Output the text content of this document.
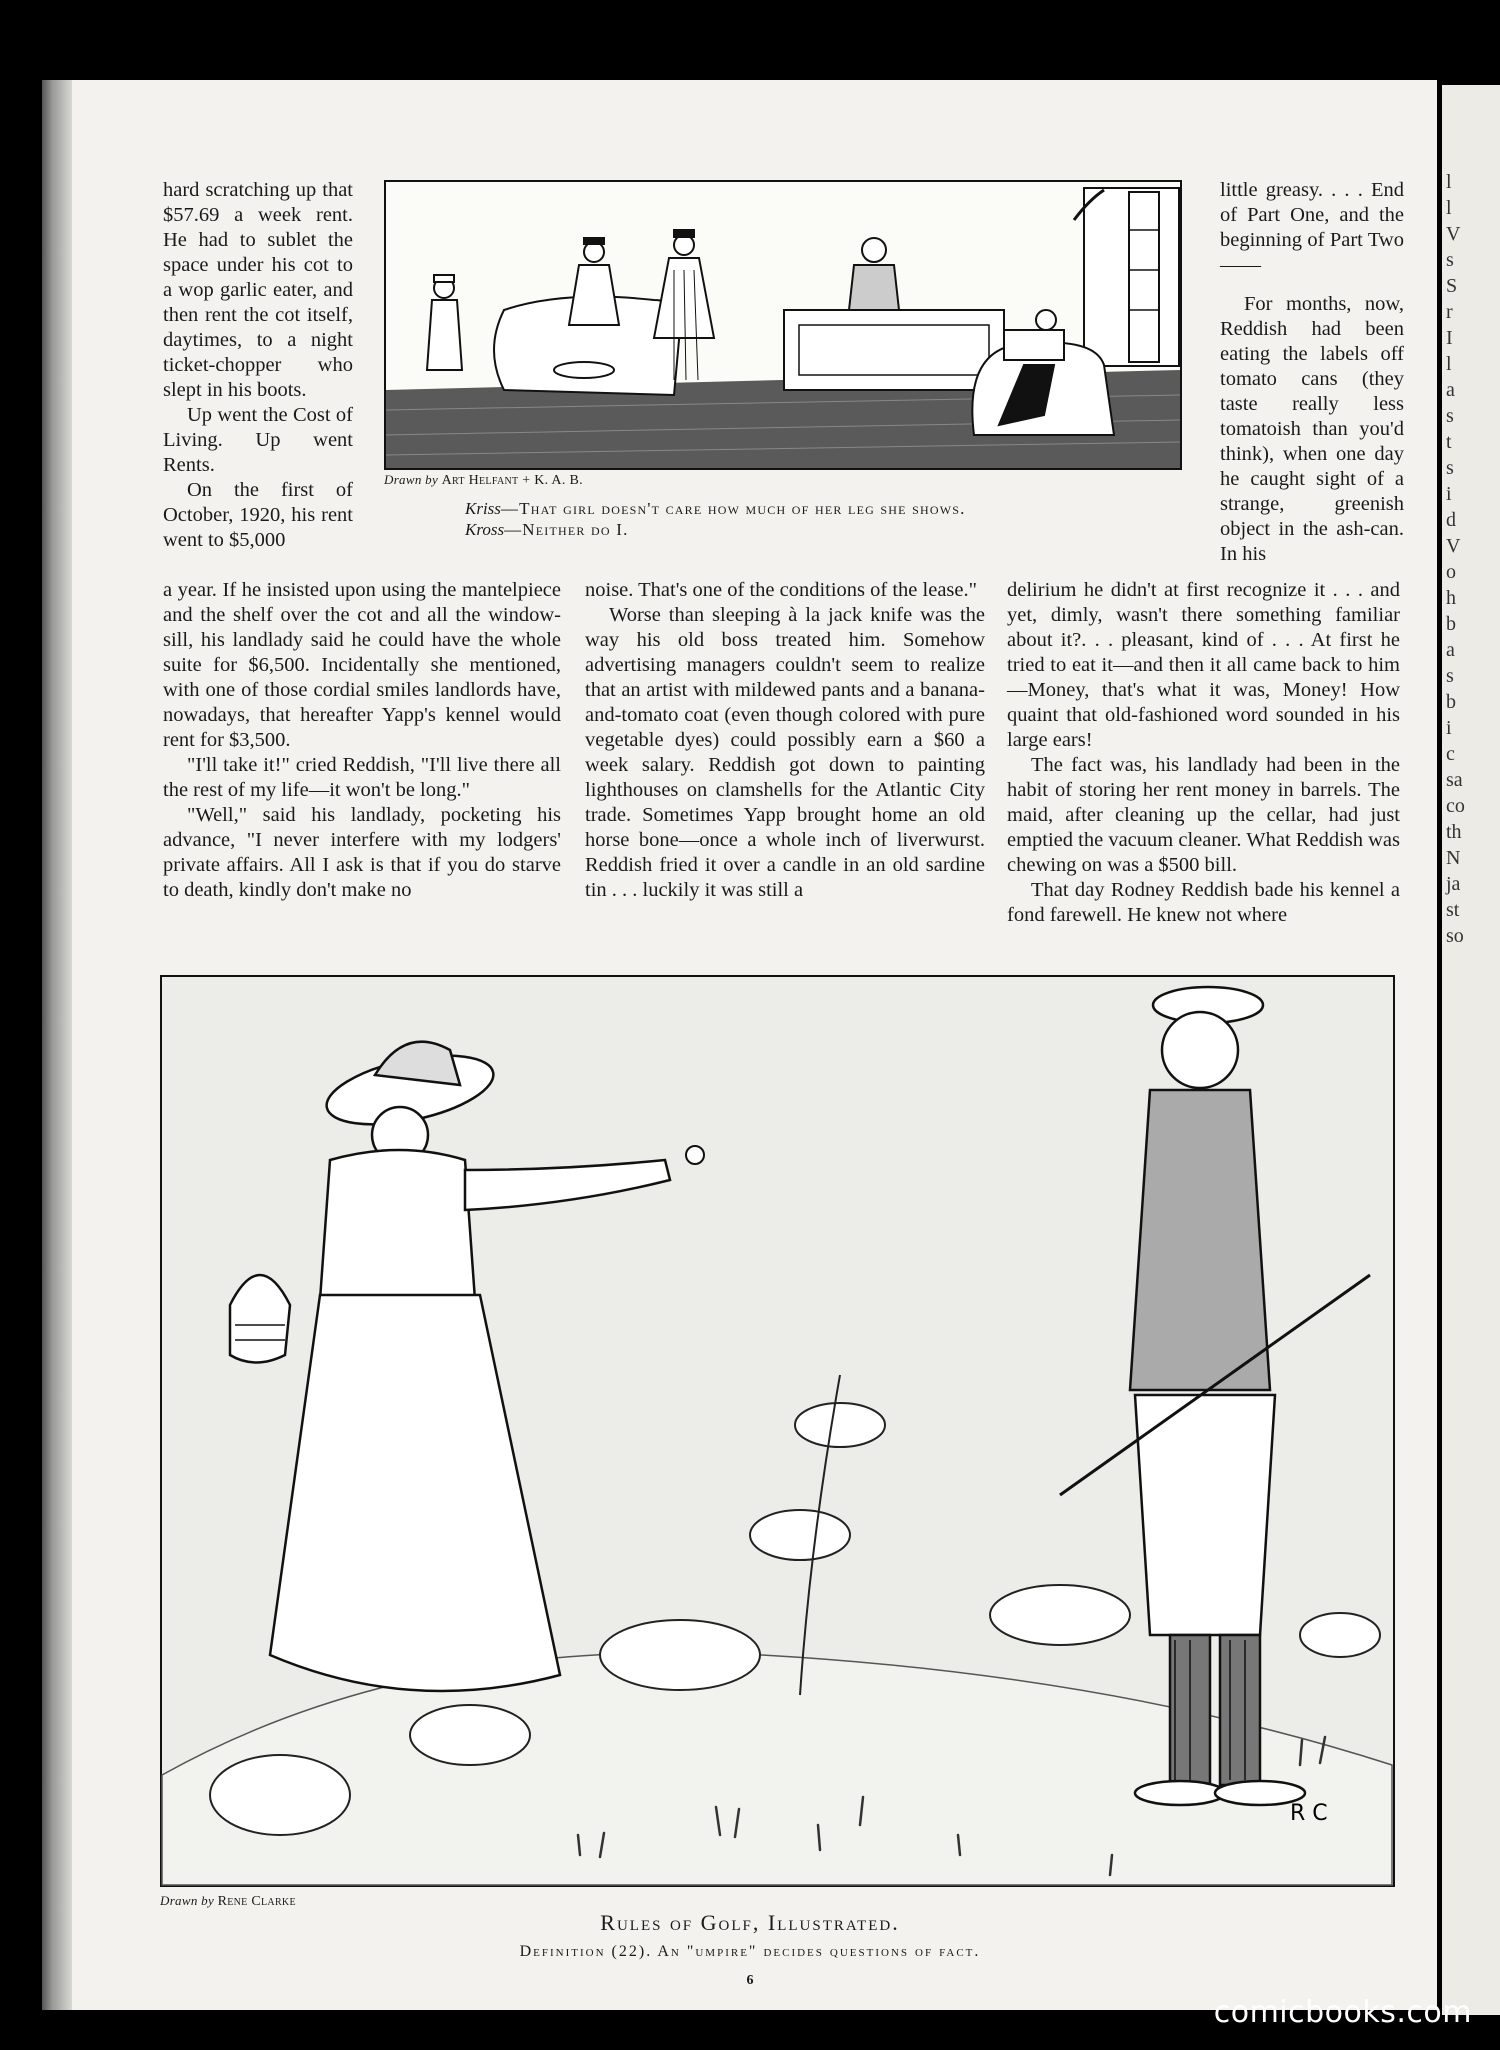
l
l
V
s
S
r
I
l
a
s
t
s
i
d
V
o
h
b
a
s
b
i
c
sa
co
th
N
ja
st
so

hard scratching up that $57.69 a week rent. He had to sublet the space under his cot to a wop garlic eater, and then rent the cot itself, daytimes, to a night ticket-chopper who slept in his boots.

Up went the Cost of Living. Up went Rents.

On the first of October, 1920, his rent went to $5,000

little greasy. . . . End of Part One, and the beginning of Part Two——

For months, now, Reddish had been eating the labels off tomato cans (they taste really less tomatoish than you'd think), when one day he caught sight of a strange, greenish object in the ash-can. In his

Drawn by Art Helfant + K. A. B.
Kriss—That girl doesn't care how much of her leg she shows.
Kross—Neither do I.

a year. If he insisted upon using the mantelpiece and the shelf over the cot and all the window-sill, his landlady said he could have the whole suite for $6,500. Incidentally she mentioned, with one of those cordial smiles landlords have, nowadays, that hereafter Yapp's kennel would rent for $3,500.

"I'll take it!" cried Reddish, "I'll live there all the rest of my life—it won't be long."

"Well," said his landlady, pocketing his advance, "I never interfere with my lodgers' private affairs. All I ask is that if you do starve to death, kindly don't make no

noise. That's one of the conditions of the lease."

Worse than sleeping à la jack knife was the way his old boss treated him. Somehow advertising managers couldn't seem to realize that an artist with mildewed pants and a banana-and-tomato coat (even though colored with pure vegetable dyes) could possibly earn a $60 a week salary. Reddish got down to painting lighthouses on clamshells for the Atlantic City trade. Sometimes Yapp brought home an old horse bone—once a whole inch of liverwurst. Reddish fried it over a candle in an old sardine tin . . . luckily it was still a

delirium he didn't at first recognize it . . . and yet, dimly, wasn't there something familiar about it?. . . pleasant, kind of . . . At first he tried to eat it—and then it all came back to him—Money, that's what it was, Money! How quaint that old-fashioned word sounded in his large ears!

The fact was, his landlady had been in the habit of storing her rent money in barrels. The maid, after cleaning up the cellar, had just emptied the vacuum cleaner. What Reddish was chewing on was a $500 bill.

That day Rodney Reddish bade his kennel a fond farewell. He knew not where

R C
Drawn by Rene Clarke
Rules of Golf, Illustrated.
Definition (22). An "umpire" decides questions of fact.
6
comicbooks.com
